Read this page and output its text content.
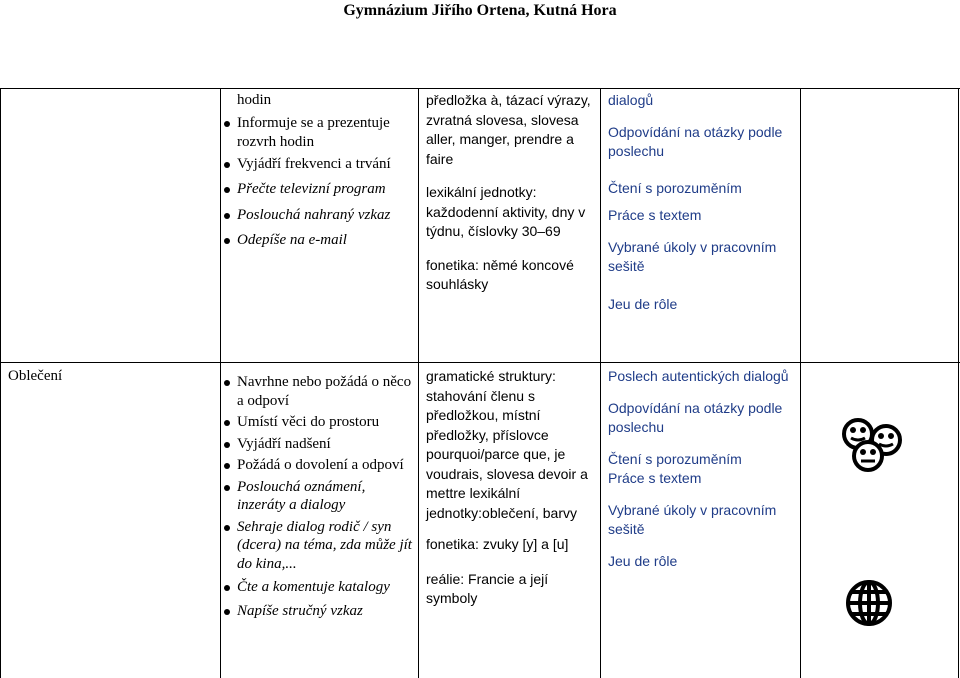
Gymnázium Jiřího Ortena, Kutná Hora
hodin
Informuje se a prezentuje rozvrh hodin
Vyjádří frekvenci a trvání
Přečte televizní program
Poslouchá nahraný vzkaz
Odepíše na e-mail

předložka à, tázací výrazy, zvratná slovesa, slovesa aller, manger, prendre a faire

lexikální jednotky: každodenní aktivity, dny v týdnu, číslovky 30–69

fonetika: němé koncové souhlásky

dialogů

Odpovídání na otázky podle poslechu

Čtení s porozuměním

Práce s textem

Vybrané úkoly v pracovním sešitě

Jeu de rôle

Oblečení	Navrhne nebo požádá o něco a odpoví
Umístí věci do prostoru
Vyjádří nadšení
Požádá o dovolení a odpoví
Poslouchá oznámení, inzeráty a dialogy
Sehraje dialog rodič / syn (dcera) na téma, zda může jít do kina,...
Čte a komentuje katalogy
Napíše stručný vzkaz

gramatické struktury: stahování členu s předložkou, místní předložky, příslovce pourquoi/parce que, je voudrais, slovesa devoir a mettre lexikální jednotky:oblečení, barvy

fonetika: zvuky [y] a [u]

reálie: Francie a její symboly

Poslech autentických dialogů

Odpovídání na otázky podle poslechu

Čtení s porozuměním

Práce s textem

Vybrané úkoly v pracovním sešitě

Jeu de rôle
